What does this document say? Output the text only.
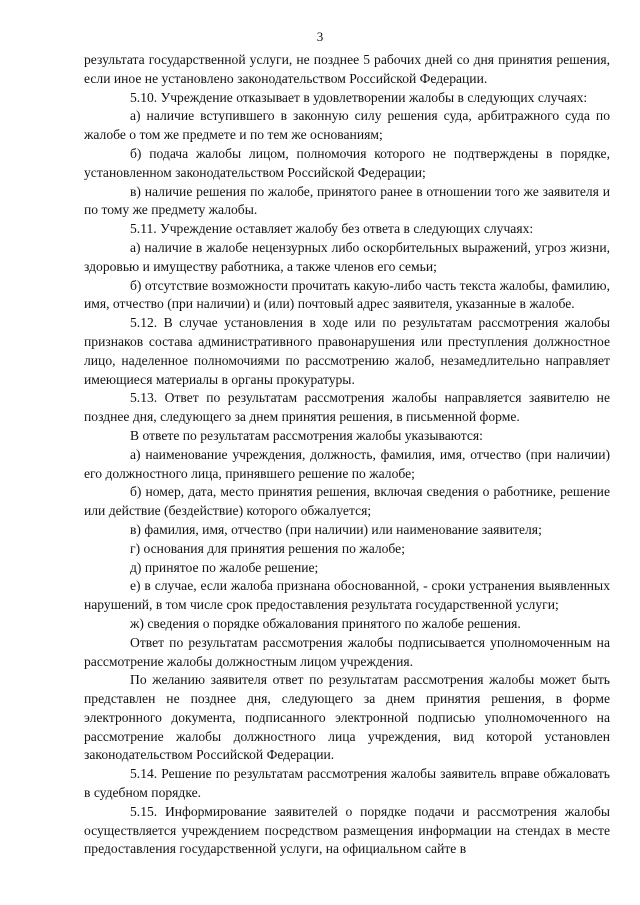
3

результата государственной услуги, не позднее 5 рабочих дней со дня принятия решения, если иное не установлено законодательством Российской Федерации.

5.10. Учреждение отказывает в удовлетворении жалобы в следующих случаях:

а) наличие вступившего в законную силу решения суда, арбитражного суда по жалобе о том же предмете и по тем же основаниям;

б) подача жалобы лицом, полномочия которого не подтверждены в порядке, установленном законодательством Российской Федерации;

в) наличие решения по жалобе, принятого ранее в отношении того же заявителя и по тому же предмету жалобы.

5.11. Учреждение оставляет жалобу без ответа в следующих случаях:

а) наличие в жалобе нецензурных либо оскорбительных выражений, угроз жизни, здоровью и имуществу работника, а также членов его семьи;

б) отсутствие возможности прочитать какую-либо часть текста жалобы, фамилию, имя, отчество (при наличии) и (или) почтовый адрес заявителя, указанные в жалобе.

5.12. В случае установления в ходе или по результатам рассмотрения жалобы признаков состава административного правонарушения или преступления должностное лицо, наделенное полномочиями по рассмотрению жалоб, незамедлительно направляет имеющиеся материалы в органы прокуратуры.

5.13. Ответ по результатам рассмотрения жалобы направляется заявителю не позднее дня, следующего за днем принятия решения, в письменной форме.

В ответе по результатам рассмотрения жалобы указываются:

а) наименование учреждения, должность, фамилия, имя, отчество (при наличии) его должностного лица, принявшего решение по жалобе;

б) номер, дата, место принятия решения, включая сведения о работнике, решение или действие (бездействие) которого обжалуется;

в) фамилия, имя, отчество (при наличии) или наименование заявителя;

г) основания для принятия решения по жалобе;

д) принятое по жалобе решение;

е) в случае, если жалоба признана обоснованной, - сроки устранения выявленных нарушений, в том числе срок предоставления результата государственной услуги;

ж) сведения о порядке обжалования принятого по жалобе решения.

Ответ по результатам рассмотрения жалобы подписывается уполномоченным на рассмотрение жалобы должностным лицом учреждения.

По желанию заявителя ответ по результатам рассмотрения жалобы может быть представлен не позднее дня, следующего за днем принятия решения, в форме электронного документа, подписанного электронной подписью уполномоченного на рассмотрение жалобы должностного лица учреждения, вид которой установлен законодательством Российской Федерации.

5.14. Решение по результатам рассмотрения жалобы заявитель вправе обжаловать в судебном порядке.

5.15. Информирование заявителей о порядке подачи и рассмотрения жалобы осуществляется учреждением посредством размещения информации на стендах в месте предоставления государственной услуги, на официальном сайте в
